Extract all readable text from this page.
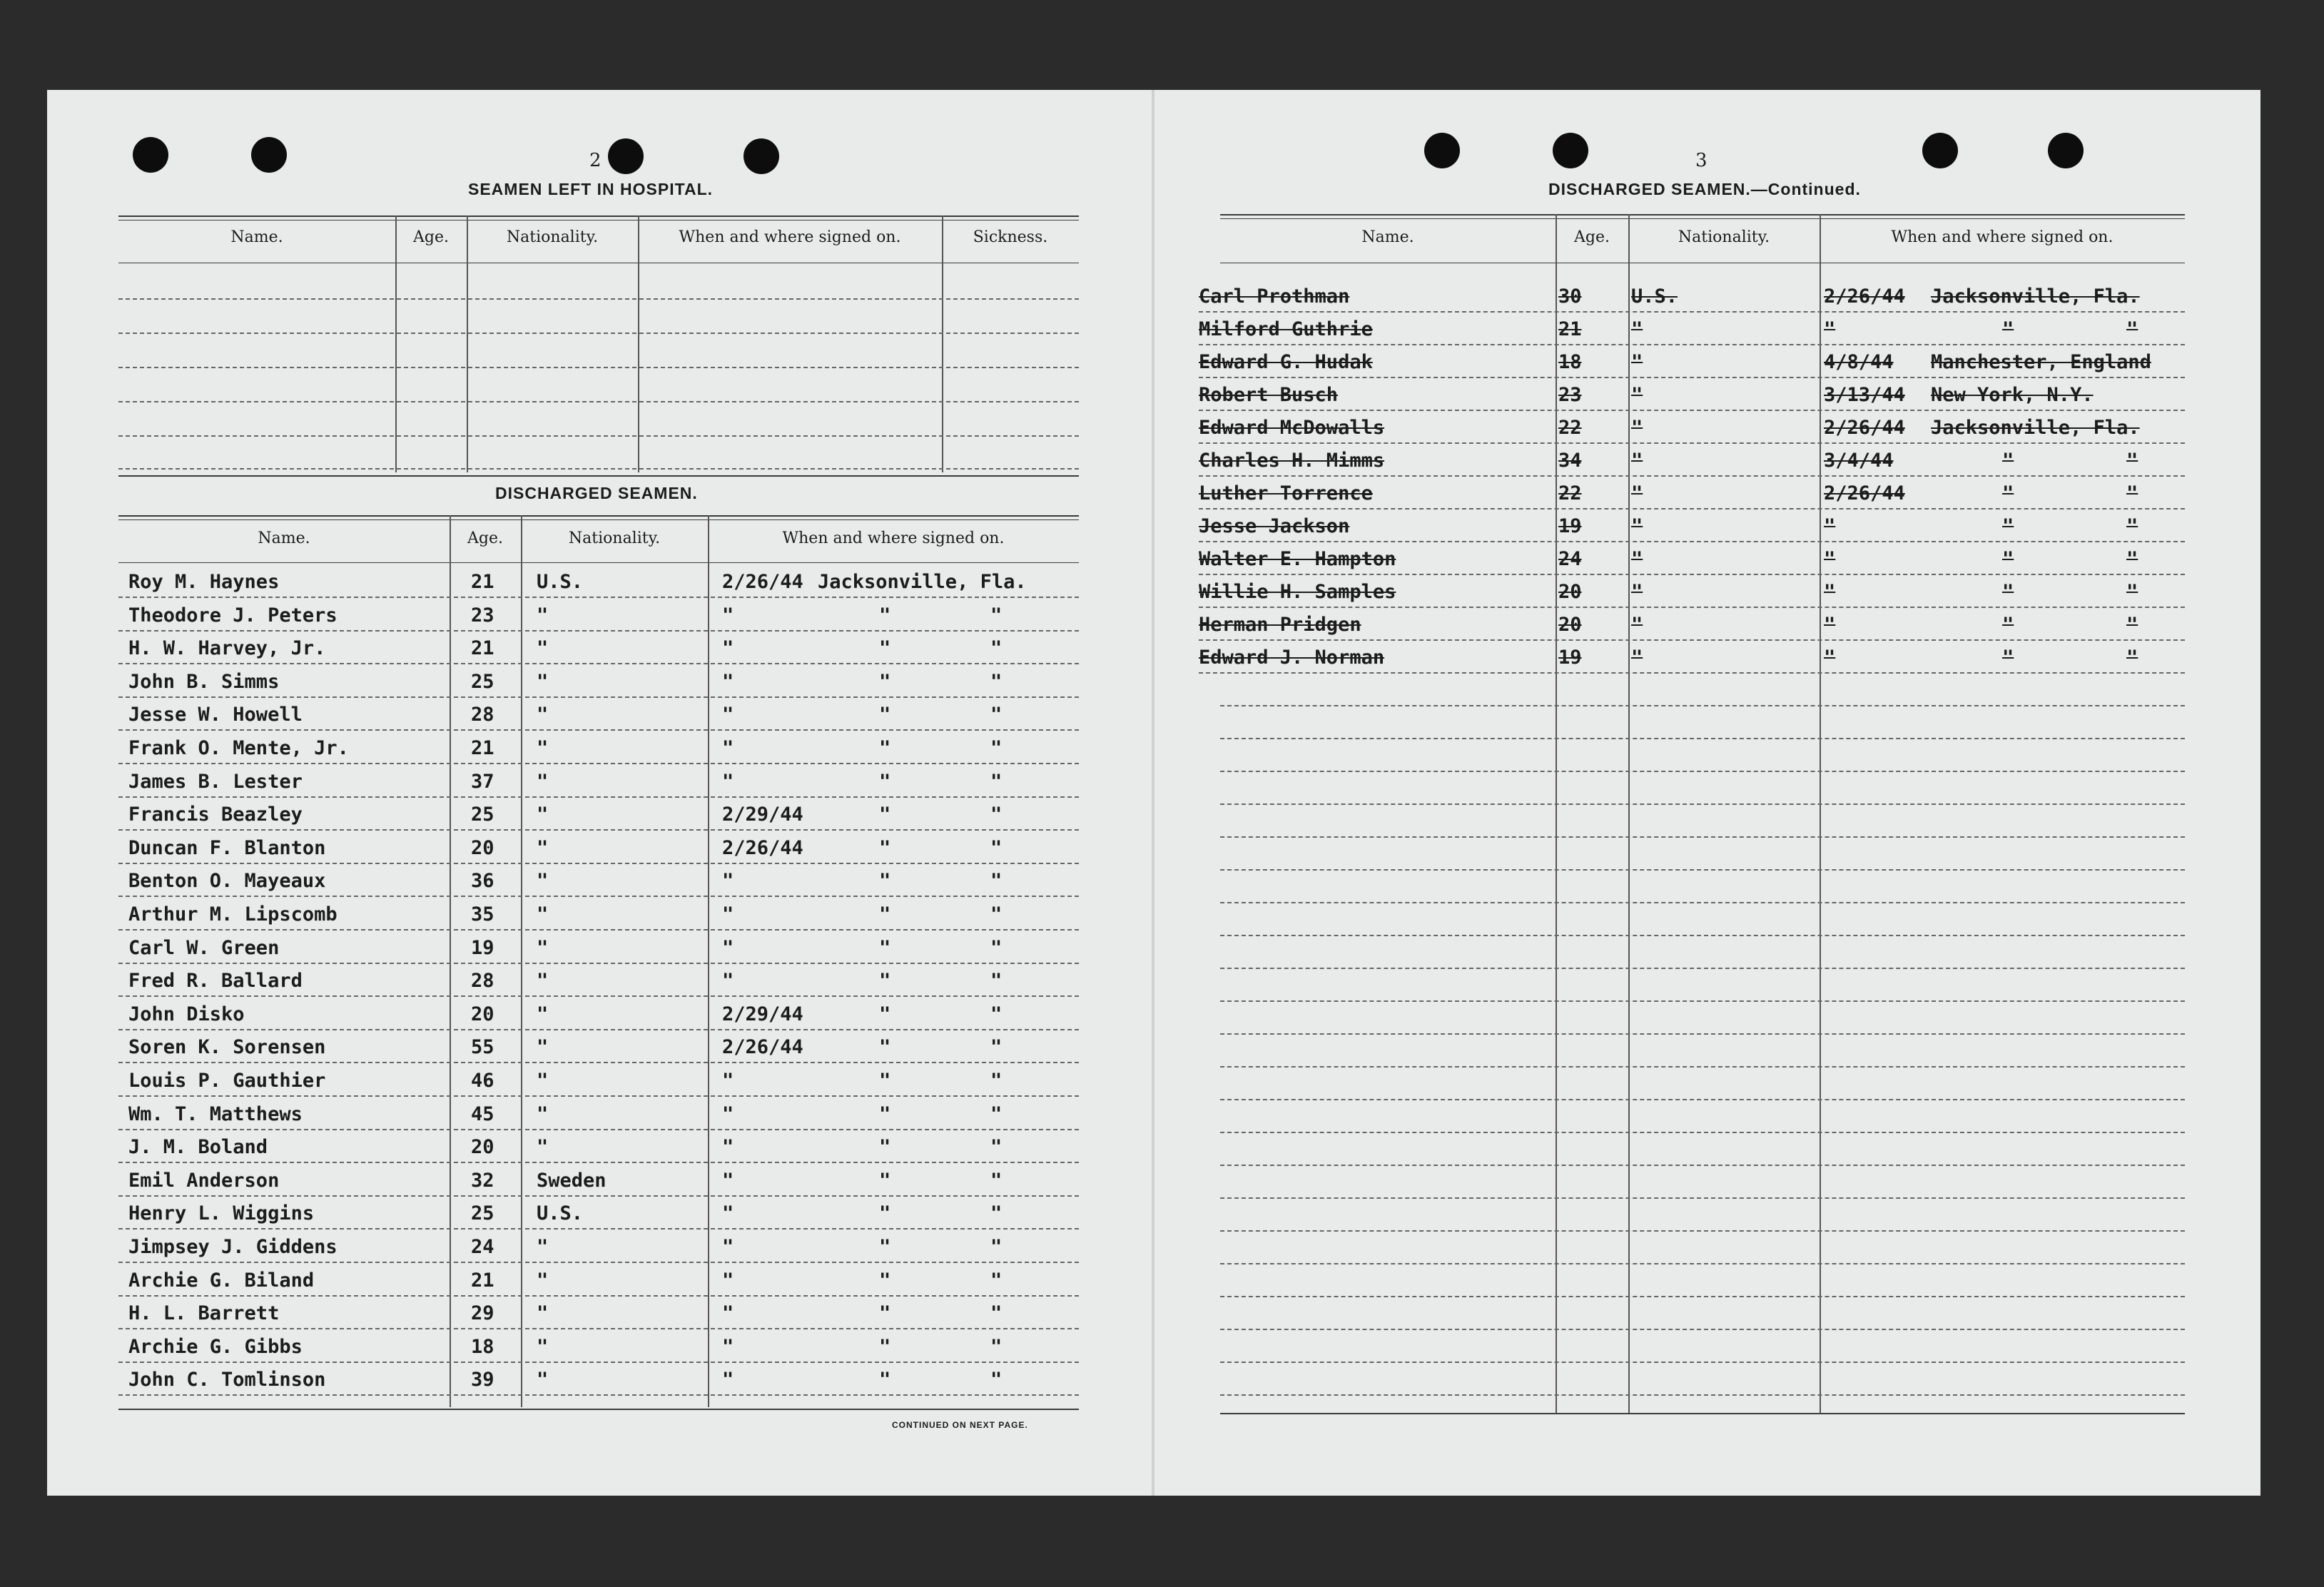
2
SEAMEN LEFT IN HOSPITAL.
Name.	Age.	Nationality.	When and where signed on.	Sickness.
DISCHARGED SEAMEN.
Name.	Age.	Nationality.	When and where signed on.
Roy M. Haynes	21 U.S.	2/26/44 Jacksonville, Fla.
Theodore J. Peters	23 "	"	"	"
H. W. Harvey, Jr.	21 "	"	"	"
John B. Simms	25 "	"	"	"
Jesse W. Howell	28 "	"	"	"
Frank O. Mente, Jr.	21 "	"	"	"
James B. Lester	37 "	"	"	"
Francis Beazley	25 "	2/29/44	"	"
Duncan F. Blanton	20 "	2/26/44	"	"
Benton O. Mayeaux	36 "	"	"	"
Arthur M. Lipscomb	35 "	"	"	"
Carl W. Green	19 "	"	"	"
Fred R. Ballard	28 "	"	"	"
John Disko	20 "	2/29/44	"	"
Soren K. Sorensen	55 "	2/26/44	"	"
Louis P. Gauthier	46 "	"	"	"
Wm. T. Matthews	45 "	"	"	"
J. M. Boland	20 "	"	"	"
Emil Anderson	32 Sweden	"	"	"
Henry L. Wiggins	25 U.S.	"	"	"
Jimpsey J. Giddens	24 "	"	"	"
Archie G. Biland	21 "	"	"	"
H. L. Barrett	29 "	"	"	"
Archie G. Gibbs	18 "	"	"	"
John C. Tomlinson	39 "	"	"	"
CONTINUED ON NEXT PAGE.
3
DISCHARGED SEAMEN.—Continued.
Name.	Age.	Nationality.	When and where signed on.
Carl Prothman	30	U.S.	2/26/44 Jacksonville, Fla.
Milford Guthrie	21	"	"	"	"
Edward G. Hudak	18	"	4/8/44 Manchester, England
Robert Busch	23	"	3/13/44 New York, N.Y.
Edward McDowalls	22	"	2/26/44 Jacksonville, Fla.
Charles H. Mimms	34	"	3/4/44	"	"
Luther Torrence	22	"	2/26/44	"	"
Jesse Jackson	19	"	"	"	"
Walter E. Hampton	24	"	"	"	"
Willie H. Samples	20	"	"	"	"
Herman Pridgen	20	"	"	"	"
Edward J. Norman	19	"	"	"	"
